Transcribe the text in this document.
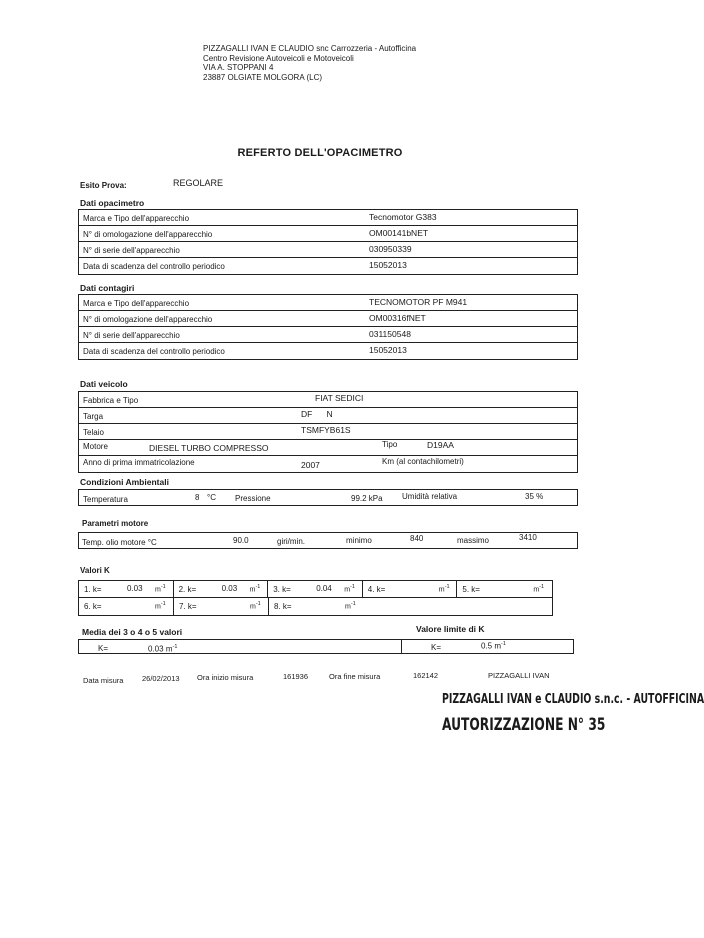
PIZZAGALLI IVAN E CLAUDIO snc Carrozzeria - Autofficina
Centro Revisione Autoveicoli e Motoveicoli
VIA A. STOPPANI 4
23887 OLGIATE MOLGORA (LC)
REFERTO DELL'OPACIMETRO
Esito Prova:	REGOLARE
Dati opacimetro
Marca e Tipo dell'apparecchio	Tecnomotor G383
N° di omologazione dell'apparecchio	OM00141bNET
N° di serie dell'apparecchio	030950339
Data di scadenza del controllo periodico	15052013
Dati contagiri
Marca e Tipo dell'apparecchio	TECNOMOTOR PF M941
N° di omologazione dell'apparecchio	OM00316fNET
N° di serie dell'apparecchio	031150548
Data di scadenza del controllo periodico	15052013
Dati veicolo
Fabbrica e Tipo	FIAT SEDICI
Targa	DF      N
Telaio	TSMFYB61S
Motore	DIESEL TURBO COMPRESSO	Tipo	D19AA
Anno di prima immatricolazione	2007	Km (al contachilometri)
Condizioni Ambientali
Temperatura	8 °C Pressione	99.2 kPa Umidità relativa	35 %
Parametri motore
Temp. olio motore °C	90.0	giri/min.	minimo	840	massimo	3410
Valori K
1. k=	0.03 $m^{-1}$ 2. k=	0.03 $m^{-1}$ 3. k=	0.04 $m^{-1}$ 4. k=	$m^{-1}$ 5. k=	$m^{-1}$
6. k=	$m^{-1}$ 7. k=	$m^{-1}$ 8. k=	$m^{-1}$
Media dei 3 o 4 o 5 valori	Valore limite di K
K=	0.03 $m^{-1}$	K=	0.5 $m^{-1}$
Data misura 26/02/2013 Ora inizio misura	161936	Ora fine misura	162142	PIZZAGALLI IVAN
PIZZAGALLI IVAN e CLAUDIO s.n.c. - AUTOFFICINA
AUTORIZZAZIONE N° 35
